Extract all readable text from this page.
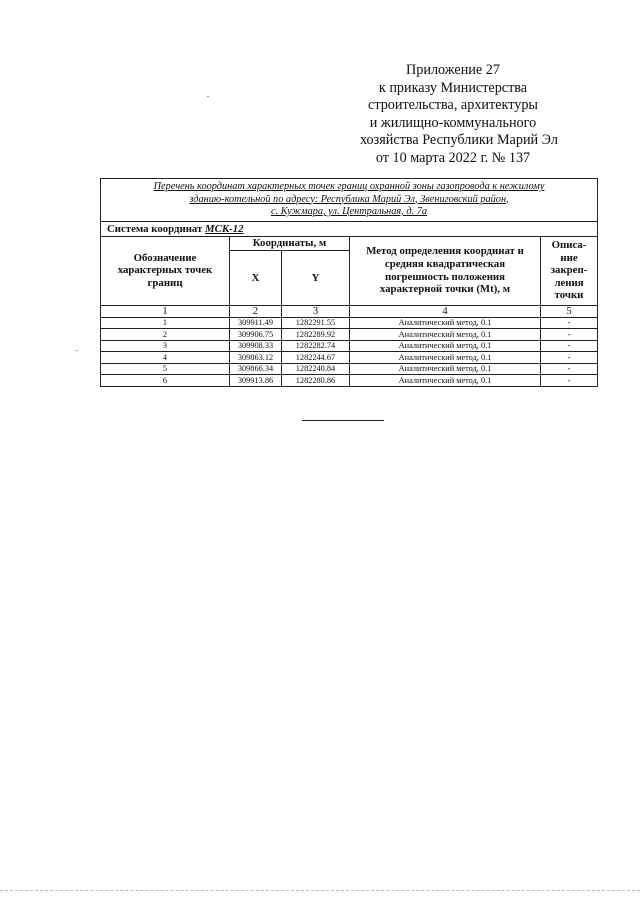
Приложение 27
к приказу Министерства
строительства, архитектуры
и жилищно-коммунального
хозяйства Республики Марий Эл
от 10 марта 2022 г. № 137
Перечень координат характерных точек границ охранной зоны газопровода к нежилому
зданию-котельной по адресу: Республика Марий Эл, Звениговский район,
с. Кужмара, ул. Центральная, д. 7а				

Система координат МСК-12				
Обозначение характерных точек границ	Координаты, м		Метод определения координат и средняя квадратическая погрешность положения характерной точки (Mt), м	Описа-ние закреп-ления точки
	X	Y		
1	2	3	4	5
1	309911.49	1282291.55	Аналитический метод, 0.1	-
2	309906.75	1282289.92	Аналитический метод, 0.1	-
3	309908.33	1282282.74	Аналитический метод, 0.1	-
4	309863.12	1282244.67	Аналитический метод, 0.1	-
5	309866.34	1282240.84	Аналитический метод, 0.1	-
6	309913.86	1282280.86	Аналитический метод, 0.1	-
